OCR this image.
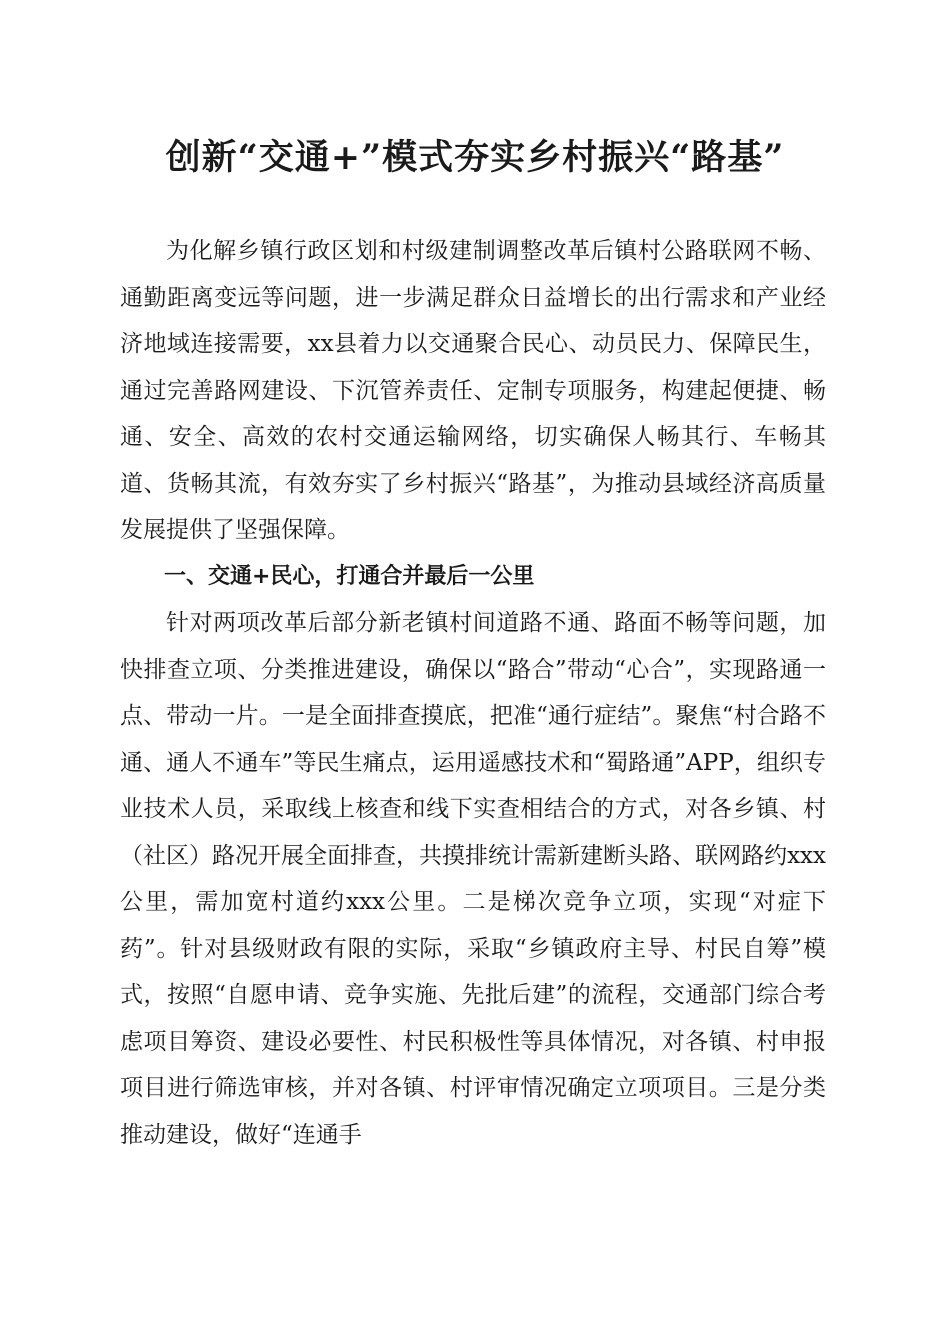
创新“交通+”模式夯实乡村振兴“路基”

为化解乡镇行政区划和村级建制调整改革后镇村公路联网不畅、通勤距离变远等问题，进一步满足群众日益增长的出行需求和产业经济地域连接需要，xx县着力以交通聚合民心、动员民力、保障民生，通过完善路网建设、下沉管养责任、定制专项服务，构建起便捷、畅通、安全、高效的农村交通运输网络，切实确保人畅其行、车畅其道、货畅其流，有效夯实了乡村振兴“路基”，为推动县域经济高质量发展提供了坚强保障。

一、交通+民心，打通合并最后一公里

针对两项改革后部分新老镇村间道路不通、路面不畅等问题，加快排查立项、分类推进建设，确保以“路合”带动“心合”，实现路通一点、带动一片。一是全面排查摸底，把准“通行症结”。聚焦“村合路不通、通人不通车”等民生痛点，运用遥感技术和“蜀路通”APP，组织专业技术人员，采取线上核查和线下实查相结合的方式，对各乡镇、村（社区）路况开展全面排查，共摸排统计需新建断头路、联网路约xxx公里，需加宽村道约xxx公里。二是梯次竞争立项，实现“对症下药”。针对县级财政有限的实际，采取“乡镇政府主导、村民自筹”模式，按照“自愿申请、竞争实施、先批后建”的流程，交通部门综合考虑项目筹资、建设必要性、村民积极性等具体情况，对各镇、村申报项目进行筛选审核，并对各镇、村评审情况确定立项项目。三是分类推动建设，做好“连通手
